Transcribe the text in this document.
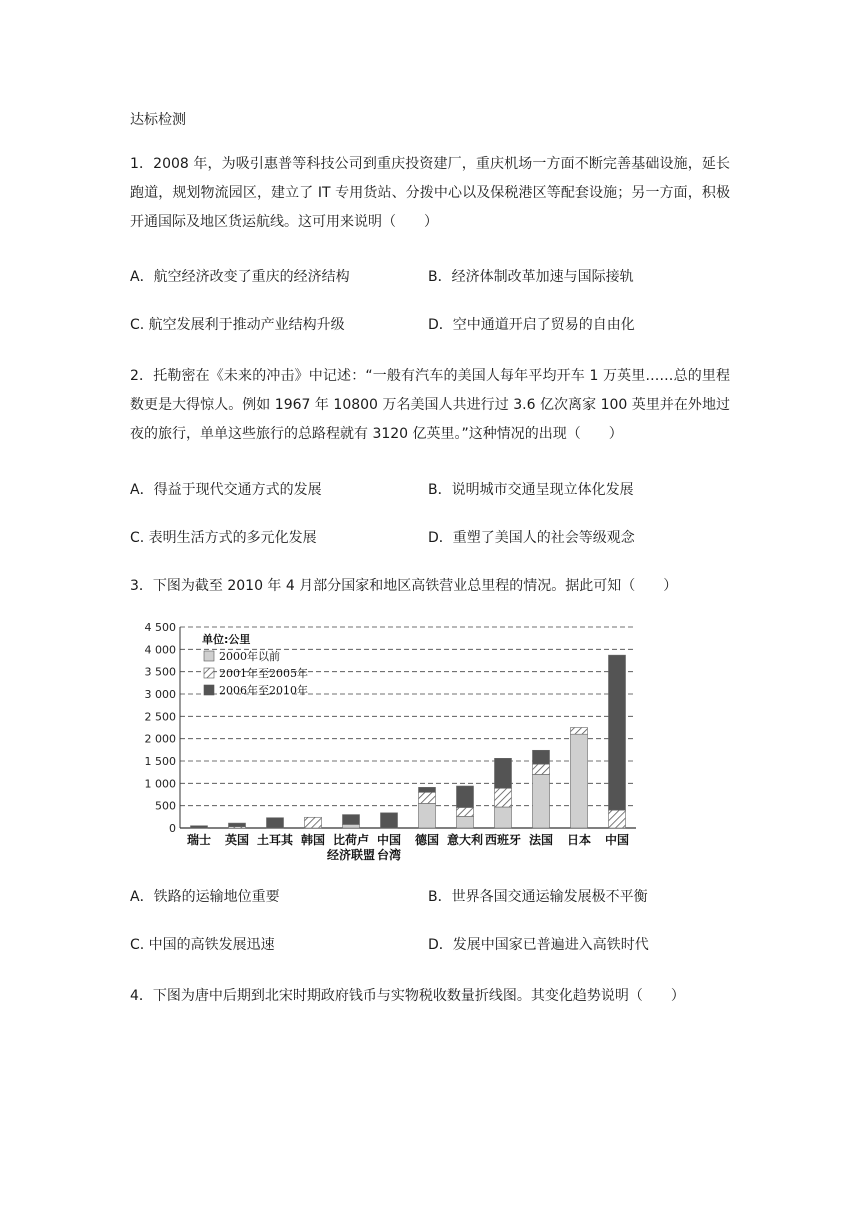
达标检测

1．2008 年，为吸引惠普等科技公司到重庆投资建厂，重庆机场一方面不断完善基础设施，延长跑道，规划物流园区，建立了 IT 专用货站、分拨中心以及保税港区等配套设施；另一方面，积极开通国际及地区货运航线。这可用来说明（　　）

A．航空经济改变了重庆的经济结构	B．经济体制改革加速与国际接轨
C. 航空发展利于推动产业结构升级	D．空中通道开启了贸易的自由化

2．托勒密在《未来的冲击》中记述：“一般有汽车的美国人每年平均开车 1 万英里……总的里程数更是大得惊人。例如 1967 年 10800 万名美国人共进行过 3.6 亿次离家 100 英里并在外地过夜的旅行，单单这些旅行的总路程就有 3120 亿英里。”这种情况的出现（　　）

A．得益于现代交通方式的发展	B．说明城市交通呈现立体化发展
C. 表明生活方式的多元化发展	D．重塑了美国人的社会等级观念

3．下图为截至 2010 年 4 月部分国家和地区高铁营业总里程的情况。据此可知（　　）

0
500
1 000
1 500
2 000
2 500
3 000
3 500
4 000
4 500
瑞士 英国 土耳其 韩国 比荷卢
经济联盟
中国
台湾
德国 意大利 西班牙 法国 日本 中国
单位:公里
2000年以前
2001年至2005年
2006年至2010年
A．铁路的运输地位重要	B．世界各国交通运输发展极不平衡
C. 中国的高铁发展迅速	D．发展中国家已普遍进入高铁时代

4．下图为唐中后期到北宋时期政府钱币与实物税收数量折线图。其变化趋势说明（　　）
